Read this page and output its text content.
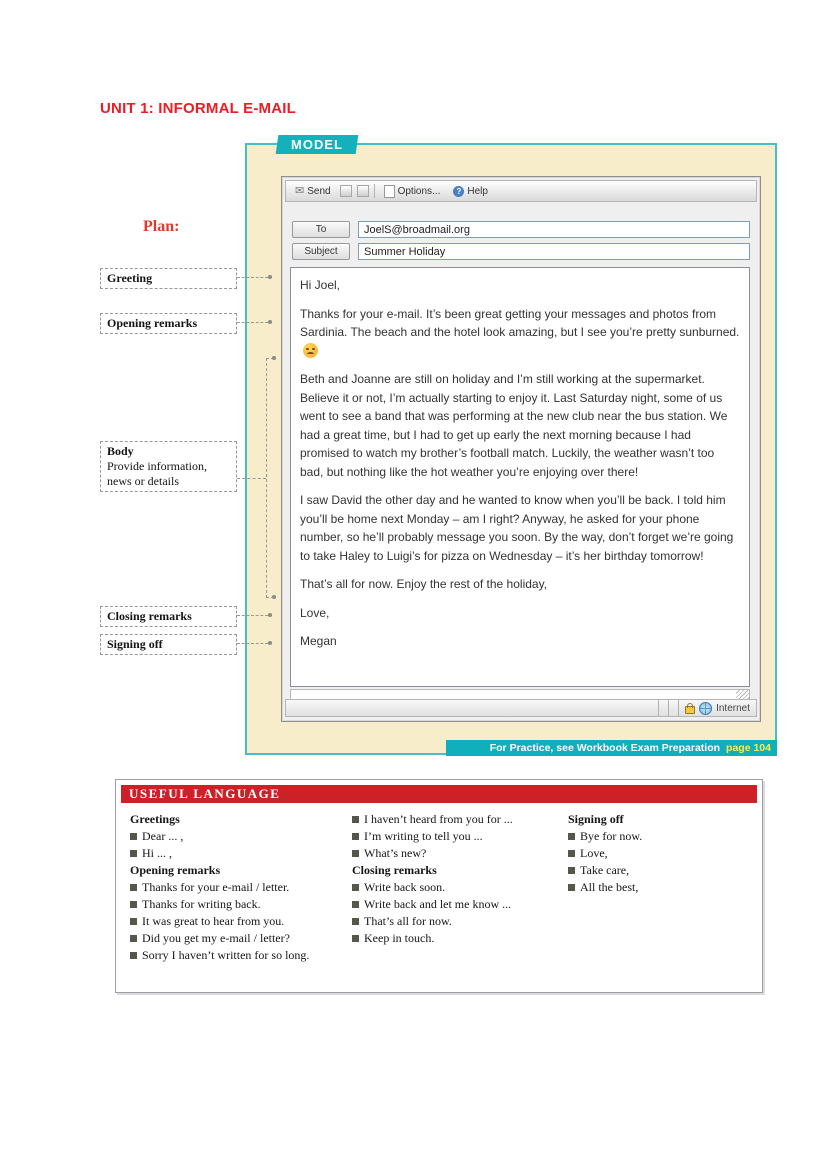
UNIT 1: INFORMAL E-MAIL
MODEL
✉ Send	Options...	? Help
To	JoelS@broadmail.org
Subject	Summer Holiday

Hi Joel,

Thanks for your e-mail. It’s been great getting your messages and photos from Sardinia. The beach and the hotel look amazing, but I see you’re pretty sunburned.

Beth and Joanne are still on holiday and I’m still working at the supermarket. Believe it or not, I’m actually starting to enjoy it. Last Saturday night, some of us went to see a band that was performing at the new club near the bus station. We had a great time, but I had to get up early the next morning because I had promised to watch my brother’s football match. Luckily, the weather wasn’t too bad, but nothing like the hot weather you’re enjoying over there!

I saw David the other day and he wanted to know when you’ll be back. I told him you’ll be home next Monday – am I right? Anyway, he asked for your phone number, so he’ll probably message you soon. By the way, don’t forget we’re going to take Haley to Luigi’s for pizza on Wednesday – it’s her birthday tomorrow!

That’s all for now. Enjoy the rest of the holiday,

Love,

Megan

Internet
Plan:
Greeting
Opening remarks
Body
Provide information, news or details
Closing remarks
Signing off
For Practice, see Workbook Exam Preparation page 104
USEFUL LANGUAGE
Greetings
Dear ... ,
Hi ... ,
Opening remarks
Thanks for your e-mail / letter.
Thanks for writing back.
It was great to hear from you.
Did you get my e-mail / letter?
Sorry I haven’t written for so long.
I haven’t heard from you for ...
I’m writing to tell you ...
What’s new?
Closing remarks
Write back soon.
Write back and let me know ...
That’s all for now.
Keep in touch.
Signing off
Bye for now.
Love,
Take care,
All the best,
